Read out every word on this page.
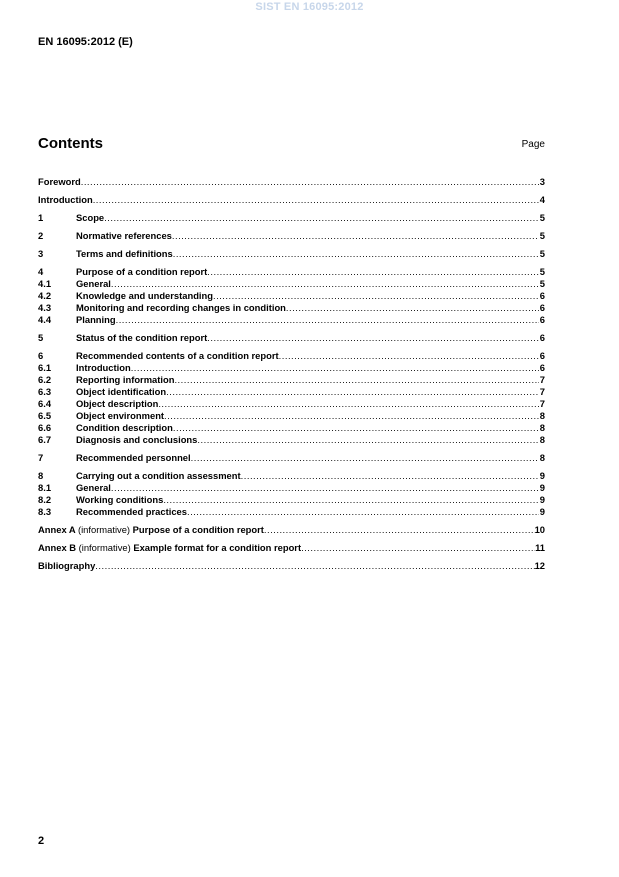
SIST EN 16095:2012
EN 16095:2012 (E)
Contents	Page
Foreword .....	3
Introduction .....	4
1	Scope .....	5
2	Normative references .....	5
3	Terms and definitions .....	5
4	Purpose of a condition report .....	5
4.1	General .....	5
4.2	Knowledge and understanding .....	6
4.3	Monitoring and recording changes in condition .....	6
4.4	Planning .....	6
5	Status of the condition report .....	6
6	Recommended contents of a condition report .....	6
6.1	Introduction .....	6
6.2	Reporting information .....	7
6.3	Object identification .....	7
6.4	Object description .....	7
6.5	Object environment .....	8
6.6	Condition description .....	8
6.7	Diagnosis and conclusions .....	8
7	Recommended personnel .....	8
8	Carrying out a condition assessment .....	9
8.1	General .....	9
8.2	Working conditions .....	9
8.3	Recommended practices .....	9
Annex A (informative) Purpose of a condition report .....	10
Annex B (informative) Example format for a condition report .....	11
Bibliography .....	12
2
